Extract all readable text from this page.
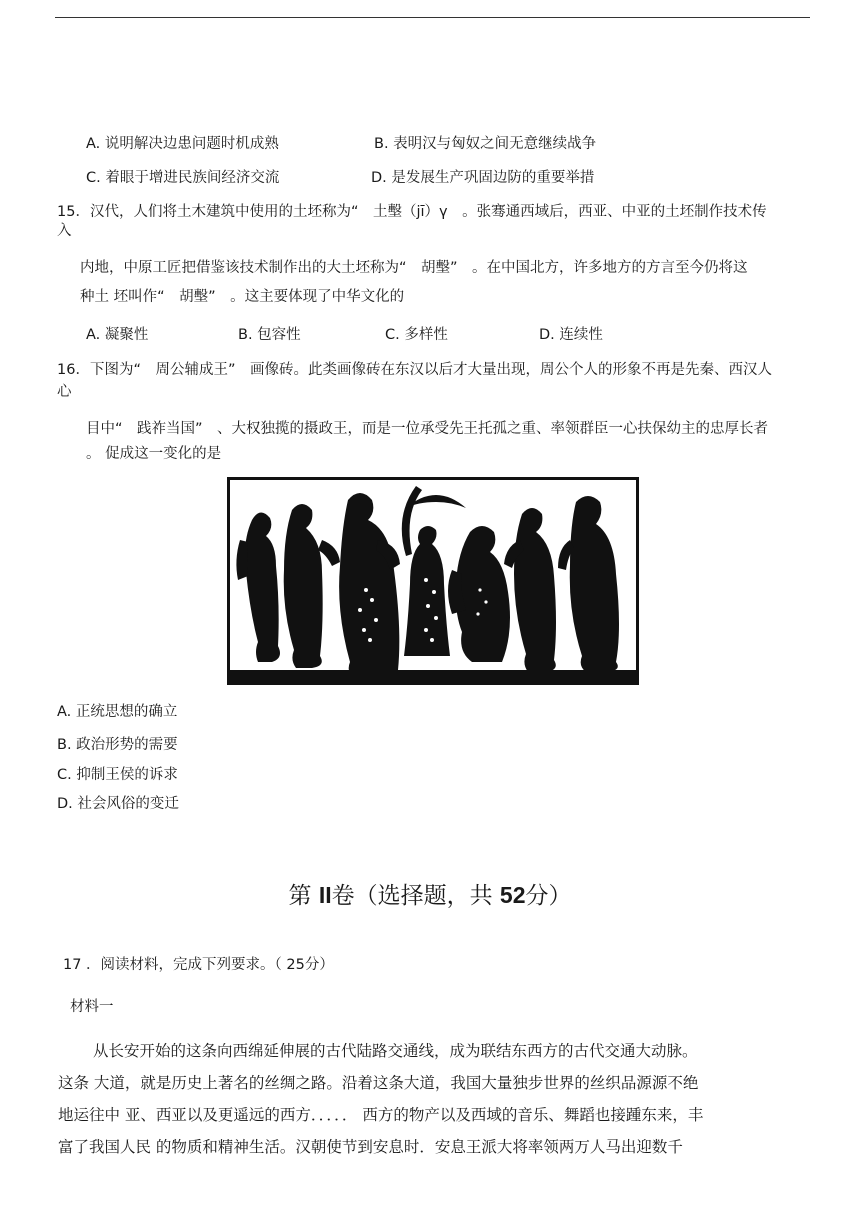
A. 说明解决边患问题时机成熟	B. 表明汉与匈奴之间无意继续战争
C. 着眼于增进民族间经济交流	D. 是发展生产巩固边防的重要举措
15．汉代，人们将土木建筑中使用的土坯称为“　土墼（jī）ү　。张骞通西域后，西亚、中亚的土坯制作技术传
入
内地，中原工匠把借鉴该技术制作出的大土坯称为“　胡墼”　。在中国北方，许多地方的方言至今仍将这
种土 坯叫作“　胡墼”　。这主要体现了中华文化的
A. 凝聚性	B. 包容性	C. 多样性	D. 连续性
16．下图为“　周公辅成王”　画像砖。此类画像砖在东汉以后才大量出现，周公个人的形象不再是先秦、西汉人
心
目中“　践祚当国”　、大权独揽的摄政王，而是一位承受先王托孤之重、率领群臣一心扶保幼主的忠厚长者
。 促成这一变化的是
A. 正统思想的确立
B. 政治形势的需要
C. 抑制王侯的诉求
D. 社会风俗的变迁
第 II卷（选择题，共 52分）
17 ．阅读材料，完成下列要求。（ 25分）
材料一
从长安开始的这条向西绵延伸展的古代陆路交通线，成为联结东西方的古代交通大动脉。
这条 大道，就是历史上著名的丝绸之路。沿着这条大道，我国大量独步世界的丝织品源源不绝
地运往中 亚、西亚以及更遥远的西方．．．．． 西方的物产以及西域的音乐、舞蹈也接踵东来，丰
富了我国人民 的物质和精神生活。汉朝使节到安息时．安息王派大将率领两万人马出迎数千
